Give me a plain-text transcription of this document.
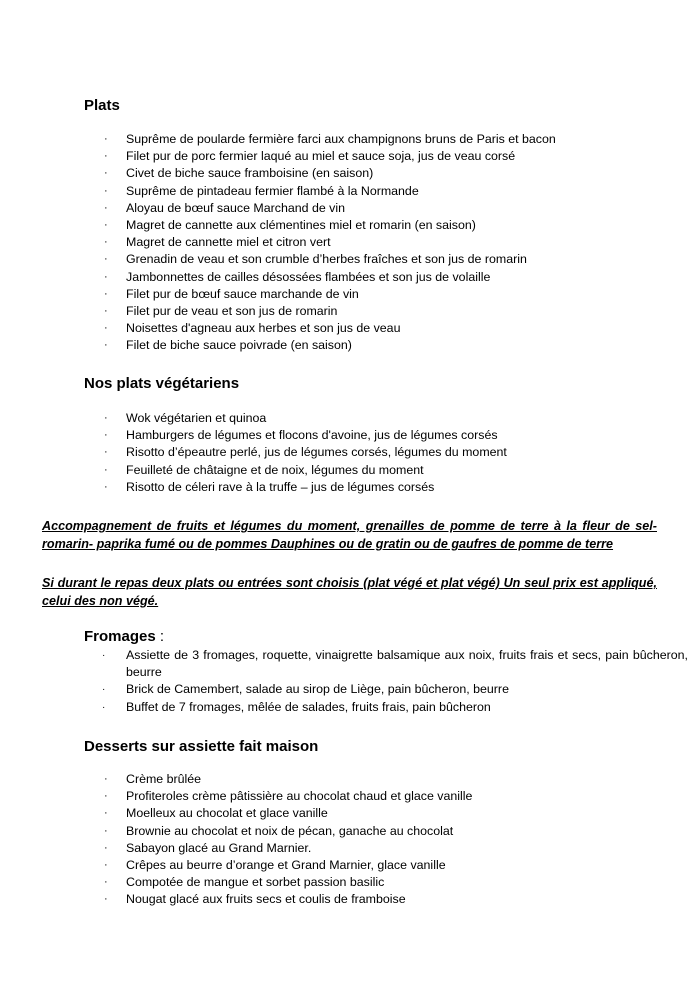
Plats
· Suprême de poularde fermière farci aux champignons bruns de Paris et bacon
· Filet pur de porc fermier laqué au miel et sauce soja, jus de veau corsé
· Civet de biche sauce framboisine (en saison)
· Suprême de pintadeau fermier flambé à la Normande
· Aloyau de bœuf sauce Marchand de vin
· Magret de cannette aux clémentines miel et romarin (en saison)
· Magret de cannette miel et citron vert
· Grenadin de veau et son crumble d’herbes fraîches et son jus de romarin
· Jambonnettes de cailles désossées flambées et son jus de volaille
· Filet pur de bœuf sauce marchande de vin
· Filet pur de veau et son jus de romarin
· Noisettes d'agneau aux herbes et son jus de veau
· Filet de biche sauce poivrade (en saison)
Nos plats végétariens
· Wok végétarien et quinoa
· Hamburgers de légumes et flocons d'avoine, jus de légumes corsés
· Risotto d’épeautre perlé, jus de légumes corsés, légumes du moment
· Feuilleté de châtaigne et de noix, légumes du moment
· Risotto de céleri rave à la truffe – jus de légumes corsés
Accompagnement de fruits et légumes du moment, grenailles de pomme de terre à la fleur de sel-romarin- paprika fumé ou de pommes Dauphines ou de gratin ou de gaufres de pomme de terre
Si durant le repas deux plats ou entrées sont choisis (plat végé et plat végé) Un seul prix est appliqué, celui des non végé.
Fromages :
· Assiette de 3 fromages, roquette, vinaigrette balsamique aux noix, fruits frais et secs, pain bûcheron, beurre
· Brick de Camembert, salade au sirop de Liège, pain bûcheron, beurre
· Buffet de 7 fromages, mêlée de salades, fruits frais, pain bûcheron
Desserts sur assiette fait maison
· Crème brûlée
· Profiteroles crème pâtissière au chocolat chaud et glace vanille
· Moelleux au chocolat et glace vanille
· Brownie au chocolat et noix de pécan, ganache au chocolat
· Sabayon glacé au Grand Marnier.
· Crêpes au beurre d’orange et Grand Marnier, glace vanille
· Compotée de mangue et sorbet passion basilic
· Nougat glacé aux fruits secs et coulis de framboise
